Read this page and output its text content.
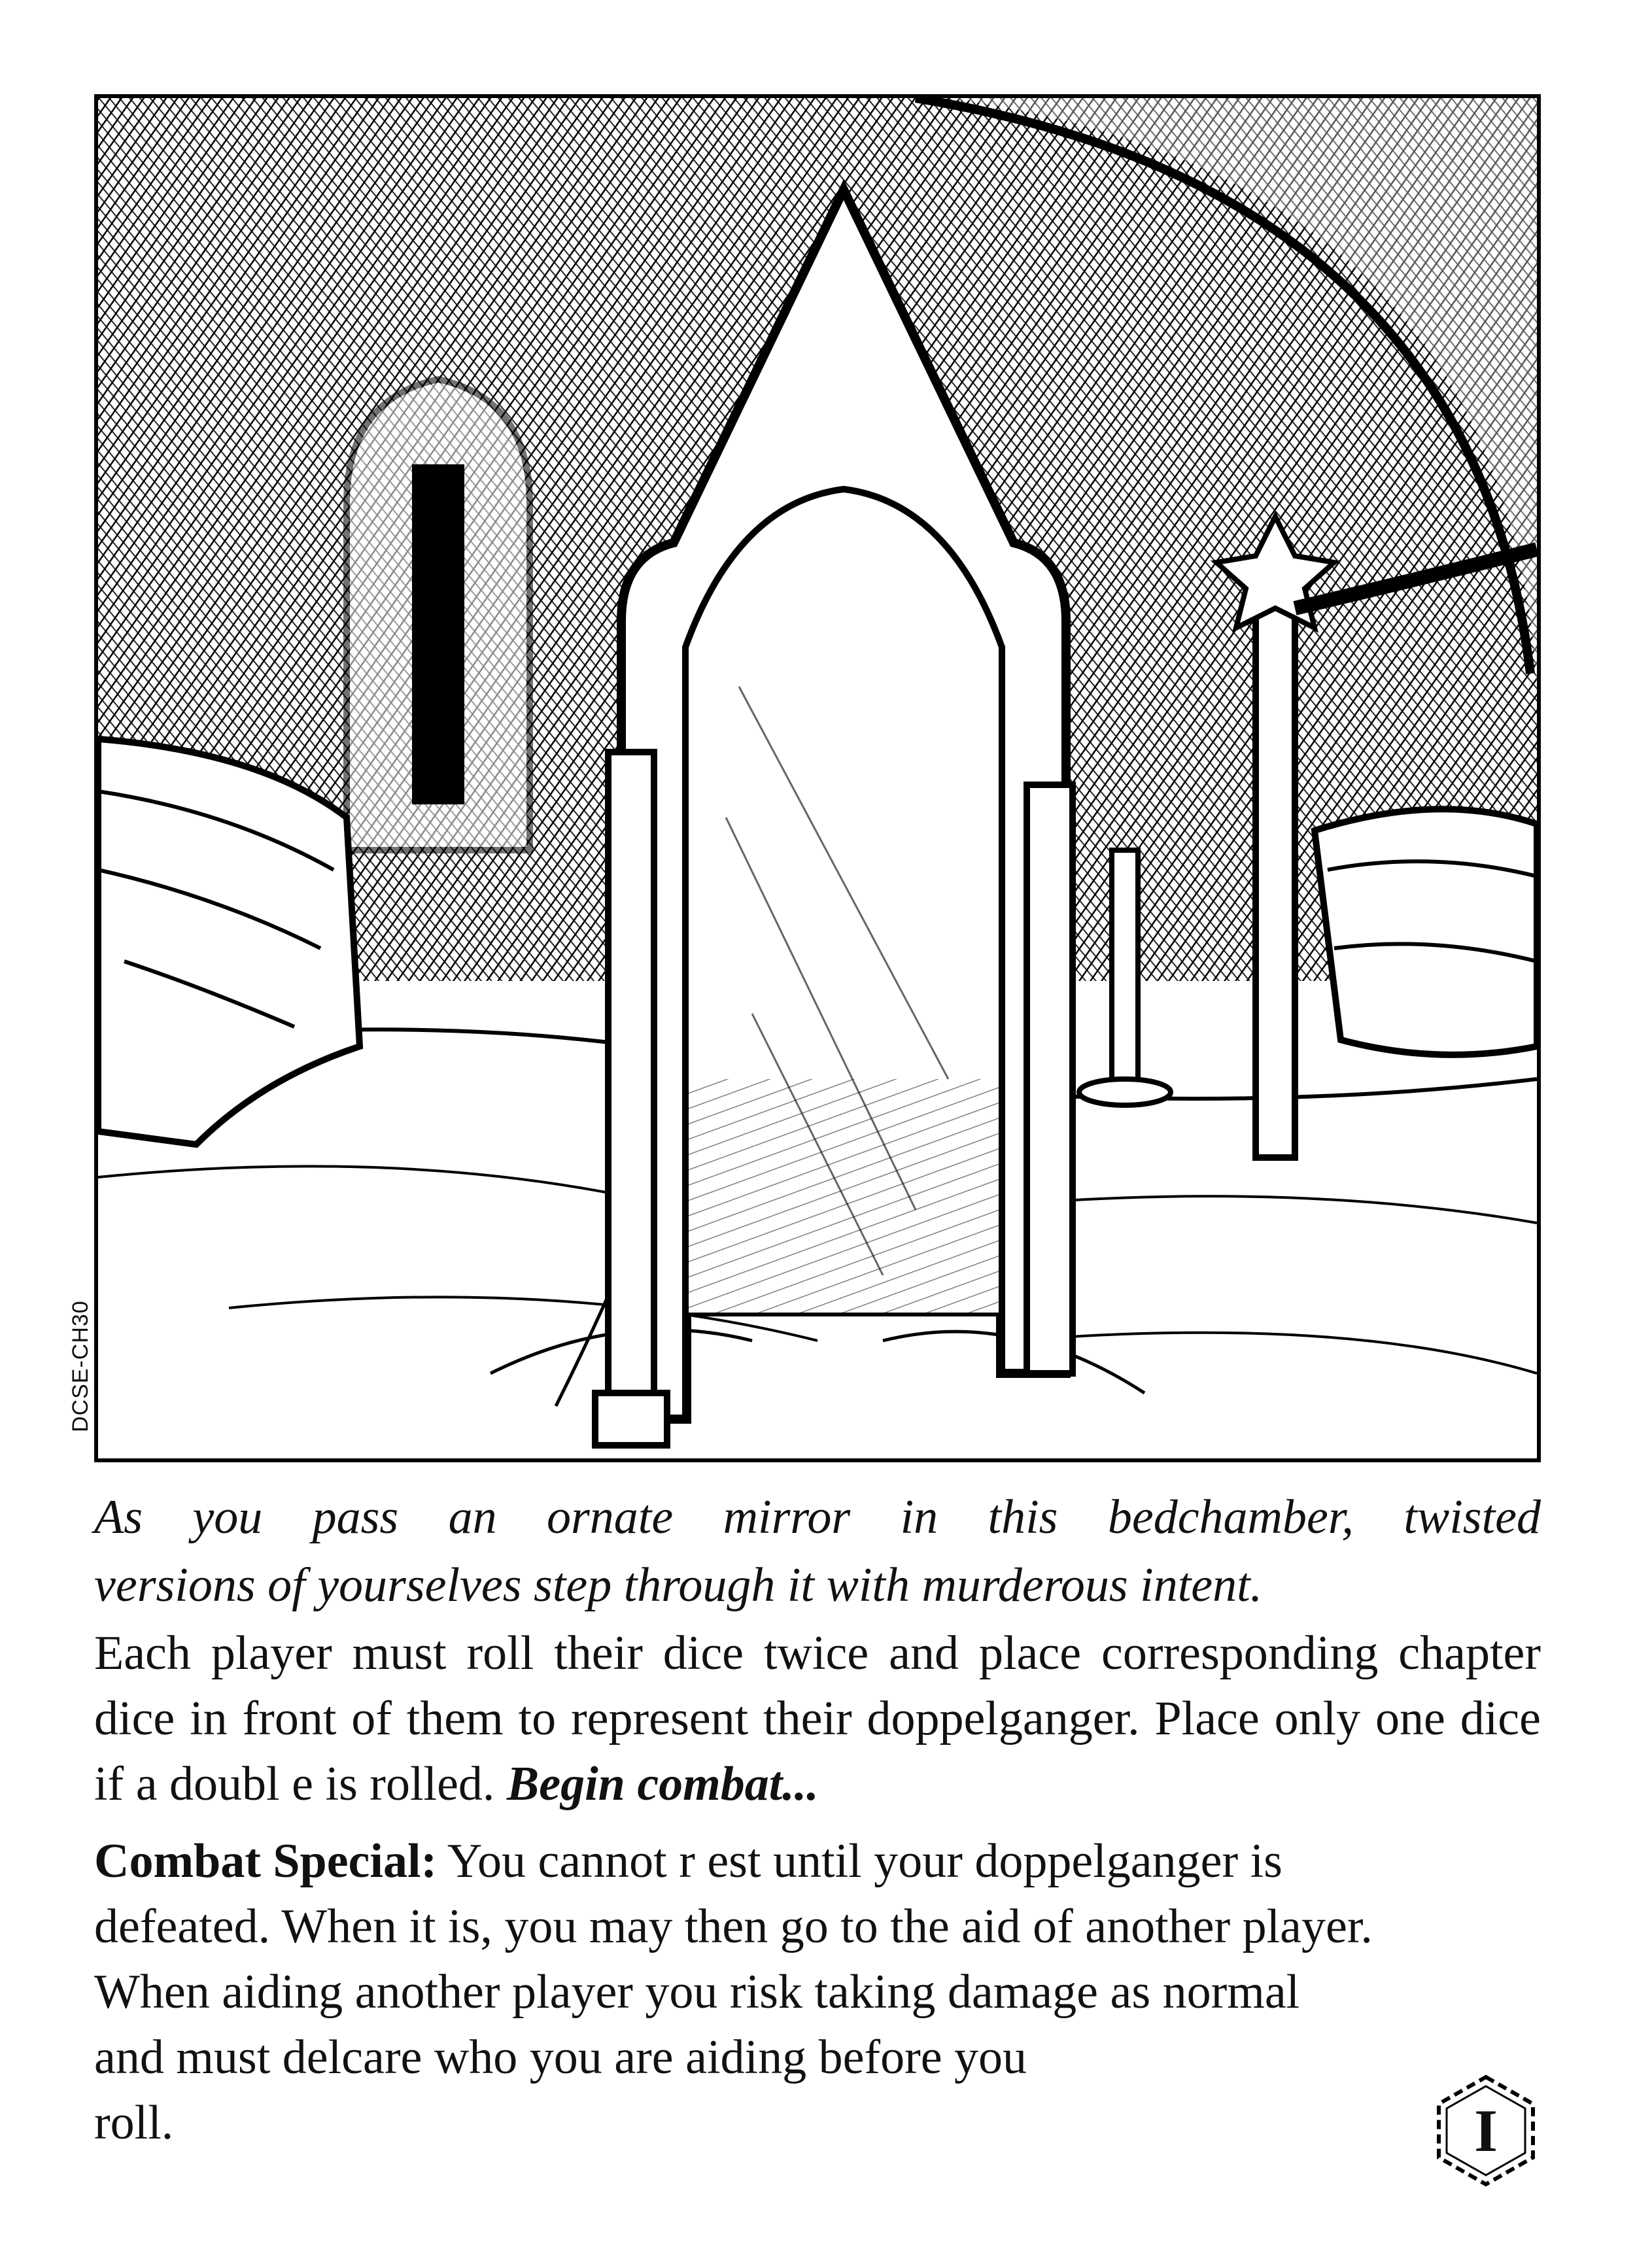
DCSE-CH30
As you pass an ornate mirror in this bedchamber, twisted
versions of yourselves step through it with murderous intent.

Each player must roll their dice twice and place corresponding chapter dice in front of them to represent their doppelganger. Place only one dice if a doubl e is rolled. Begin combat...

Combat Special: You cannot r est until your doppelganger is defeated. When it is, you may then go to the aid of another player. When aiding another player you risk taking damage as normal and must delcare who you are aiding before you
roll.	I
